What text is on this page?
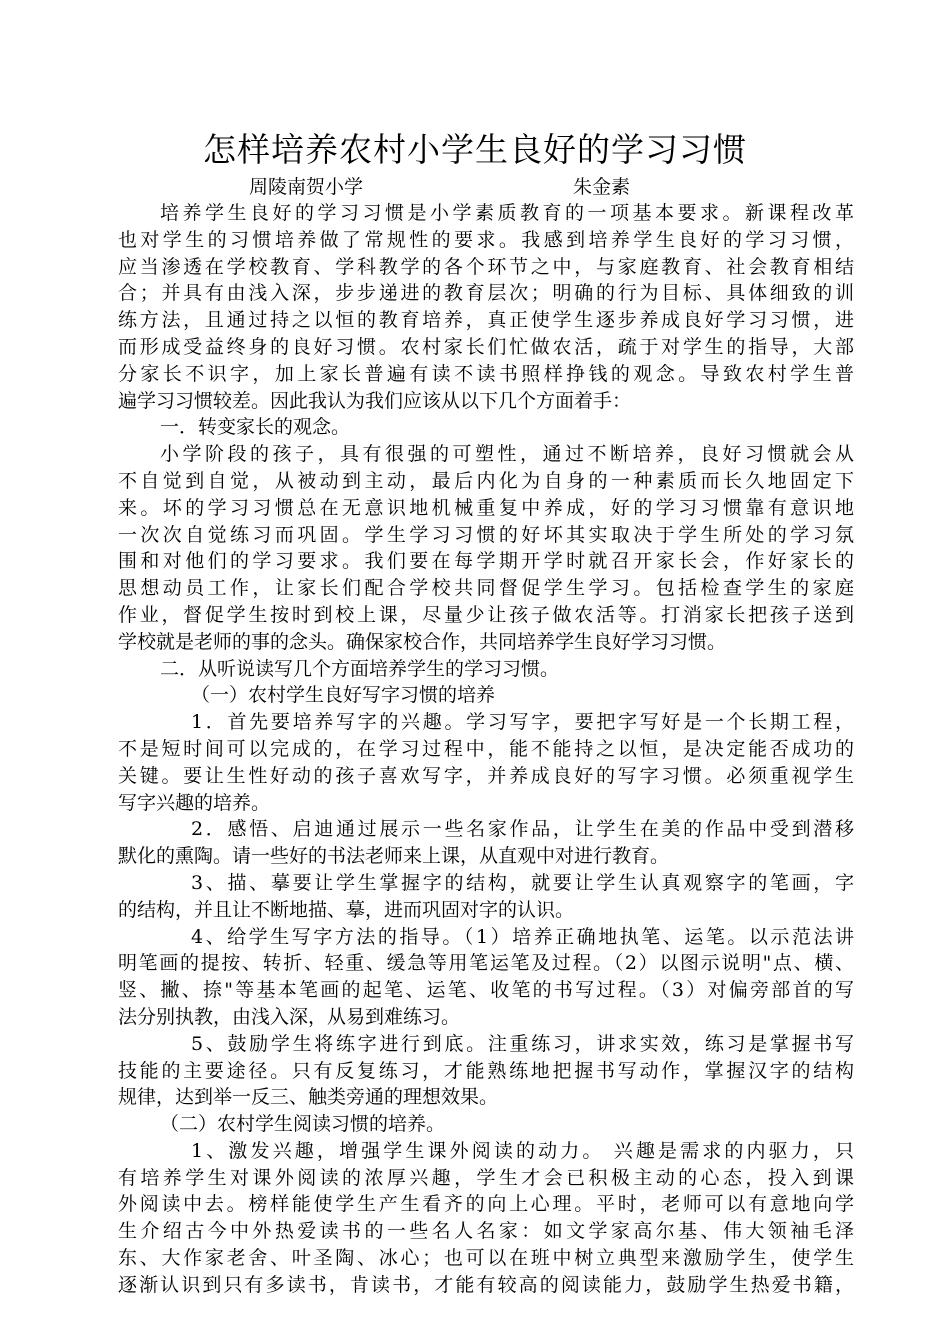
怎样培养农村小学生良好的学习习惯
周陵南贺小学	朱金素
培养学生良好的学习习惯是小学素质教育的一项基本要求。新课程改革
也对学生的习惯培养做了常规性的要求。我感到培养学生良好的学习习惯，
应当渗透在学校教育、学科教学的各个环节之中，与家庭教育、社会教育相结
合；并具有由浅入深，步步递进的教育层次；明确的行为目标、具体细致的训
练方法，且通过持之以恒的教育培养，真正使学生逐步养成良好学习习惯，进
而形成受益终身的良好习惯。农村家长们忙做农活，疏于对学生的指导，大部
分家长不识字，加上家长普遍有读不读书照样挣钱的观念。导致农村学生普
遍学习习惯较差。因此我认为我们应该从以下几个方面着手：
一．转变家长的观念。
小学阶段的孩子，具有很强的可塑性，通过不断培养，良好习惯就会从
不自觉到自觉，从被动到主动，最后内化为自身的一种素质而长久地固定下
来。坏的学习习惯总在无意识地机械重复中养成，好的学习习惯靠有意识地
一次次自觉练习而巩固。学生学习习惯的好坏其实取决于学生所处的学习氛
围和对他们的学习要求。我们要在每学期开学时就召开家长会，作好家长的
思想动员工作，让家长们配合学校共同督促学生学习。包括检查学生的家庭
作业，督促学生按时到校上课，尽量少让孩子做农活等。打消家长把孩子送到
学校就是老师的事的念头。确保家校合作，共同培养学生良好学习习惯。
二．从听说读写几个方面培养学生的学习习惯。
（一）农村学生良好写字习惯的培养
1．首先要培养写字的兴趣。学习写字，要把字写好是一个长期工程，
不是短时间可以完成的，在学习过程中，能不能持之以恒，是决定能否成功的
关键。要让生性好动的孩子喜欢写字，并养成良好的写字习惯。必须重视学生
写字兴趣的培养。
2．感悟、启迪通过展示一些名家作品，让学生在美的作品中受到潜移
默化的熏陶。请一些好的书法老师来上课，从直观中对进行教育。
3、描、摹要让学生掌握字的结构，就要让学生认真观察字的笔画，字
的结构，并且让不断地描、摹，进而巩固对字的认识。
4、给学生写字方法的指导。（1）培养正确地执笔、运笔。以示范法讲
明笔画的提按、转折、轻重、缓急等用笔运笔及过程。（2）以图示说明"点、横、
竖、撇、捺"等基本笔画的起笔、运笔、收笔的书写过程。（3）对偏旁部首的写
法分别执教，由浅入深，从易到难练习。
5、鼓励学生将练字进行到底。注重练习，讲求实效，练习是掌握书写
技能的主要途径。只有反复练习，才能熟练地把握书写动作，掌握汉字的结构
规律，达到举一反三、触类旁通的理想效果。
（二）农村学生阅读习惯的培养。
1、激发兴趣，增强学生课外阅读的动力。 兴趣是需求的内驱力，只
有培养学生对课外阅读的浓厚兴趣，学生才会已积极主动的心态，投入到课
外阅读中去。榜样能使学生产生看齐的向上心理。平时，老师可以有意地向学
生介绍古今中外热爱读书的一些名人名家：如文学家高尔基、伟大领袖毛泽
东、大作家老舍、叶圣陶、冰心；也可以在班中树立典型来激励学生，使学生
逐渐认识到只有多读书，肯读书，才能有较高的阅读能力，鼓励学生热爱书籍，
